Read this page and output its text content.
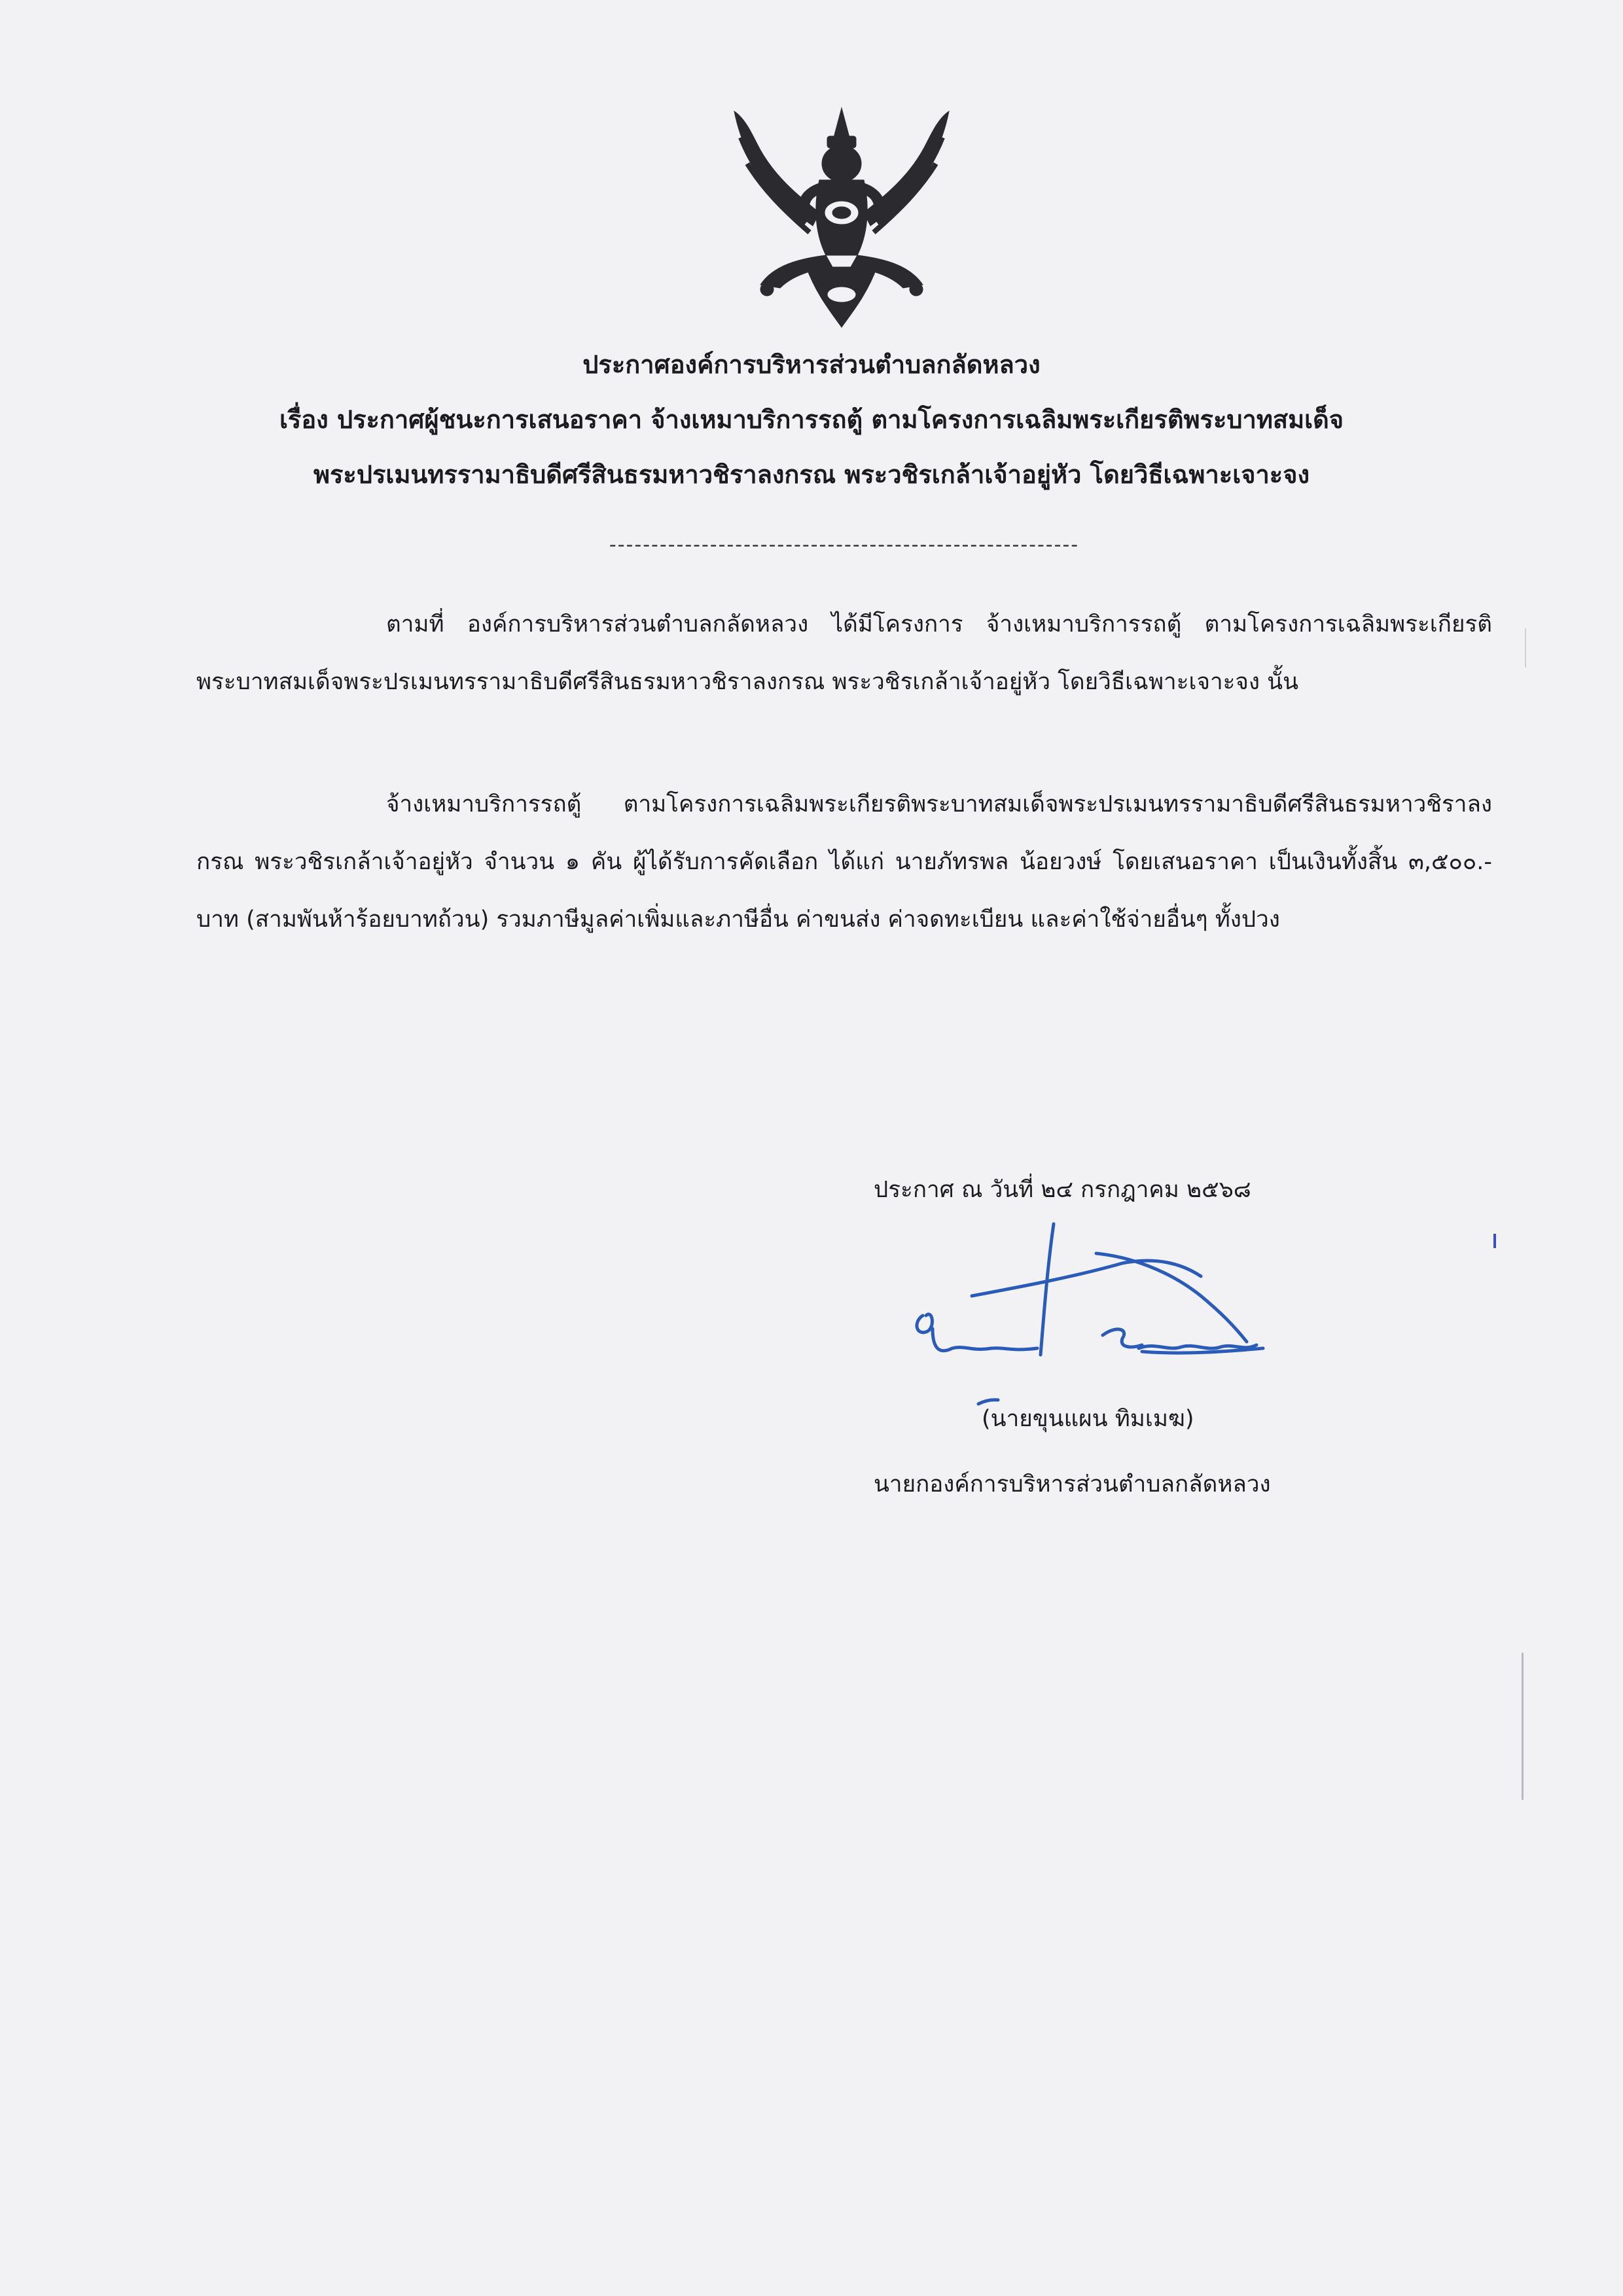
ประกาศองค์การบริหารส่วนตำบลกลัดหลวง
เรื่อง ประกาศผู้ชนะการเสนอราคา จ้างเหมาบริการรถตู้ ตามโครงการเฉลิมพระเกียรติพระบาทสมเด็จ
พระปรเมนทรรามาธิบดีศรีสินธรมหาวชิราลงกรณ พระวชิรเกล้าเจ้าอยู่หัว โดยวิธีเฉพาะเจาะจง
--------------------------------------------------------

ตามที่ องค์การบริหารส่วนตำบลกลัดหลวง ได้มีโครงการ จ้างเหมาบริการรถตู้ ตามโครงการเฉลิมพระเกียรติพระบาทสมเด็จพระปรเมนทรรามาธิบดีศรีสินธรมหาวชิราลงกรณ พระวชิรเกล้าเจ้าอยู่หัว โดยวิธีเฉพาะเจาะจง นั้น

จ้างเหมาบริการรถตู้ ตามโครงการเฉลิมพระเกียรติพระบาทสมเด็จพระปรเมนทรรามาธิบดีศรีสินธรมหาวชิราลงกรณ พระวชิรเกล้าเจ้าอยู่หัว จำนวน ๑ คัน ผู้ได้รับการคัดเลือก ได้แก่ นายภัทรพล น้อยวงษ์ โดยเสนอราคา เป็นเงินทั้งสิ้น ๓,๕๐๐.- บาท (สามพันห้าร้อยบาทถ้วน) รวมภาษีมูลค่าเพิ่มและภาษีอื่น ค่าขนส่ง ค่าจดทะเบียน และค่าใช้จ่ายอื่นๆ ทั้งปวง

ประกาศ ณ วันที่ ๒๔ กรกฎาคม ๒๕๖๘
(นายขุนแผน ทิมเมฆ)
นายกองค์การบริหารส่วนตำบลกลัดหลวง
